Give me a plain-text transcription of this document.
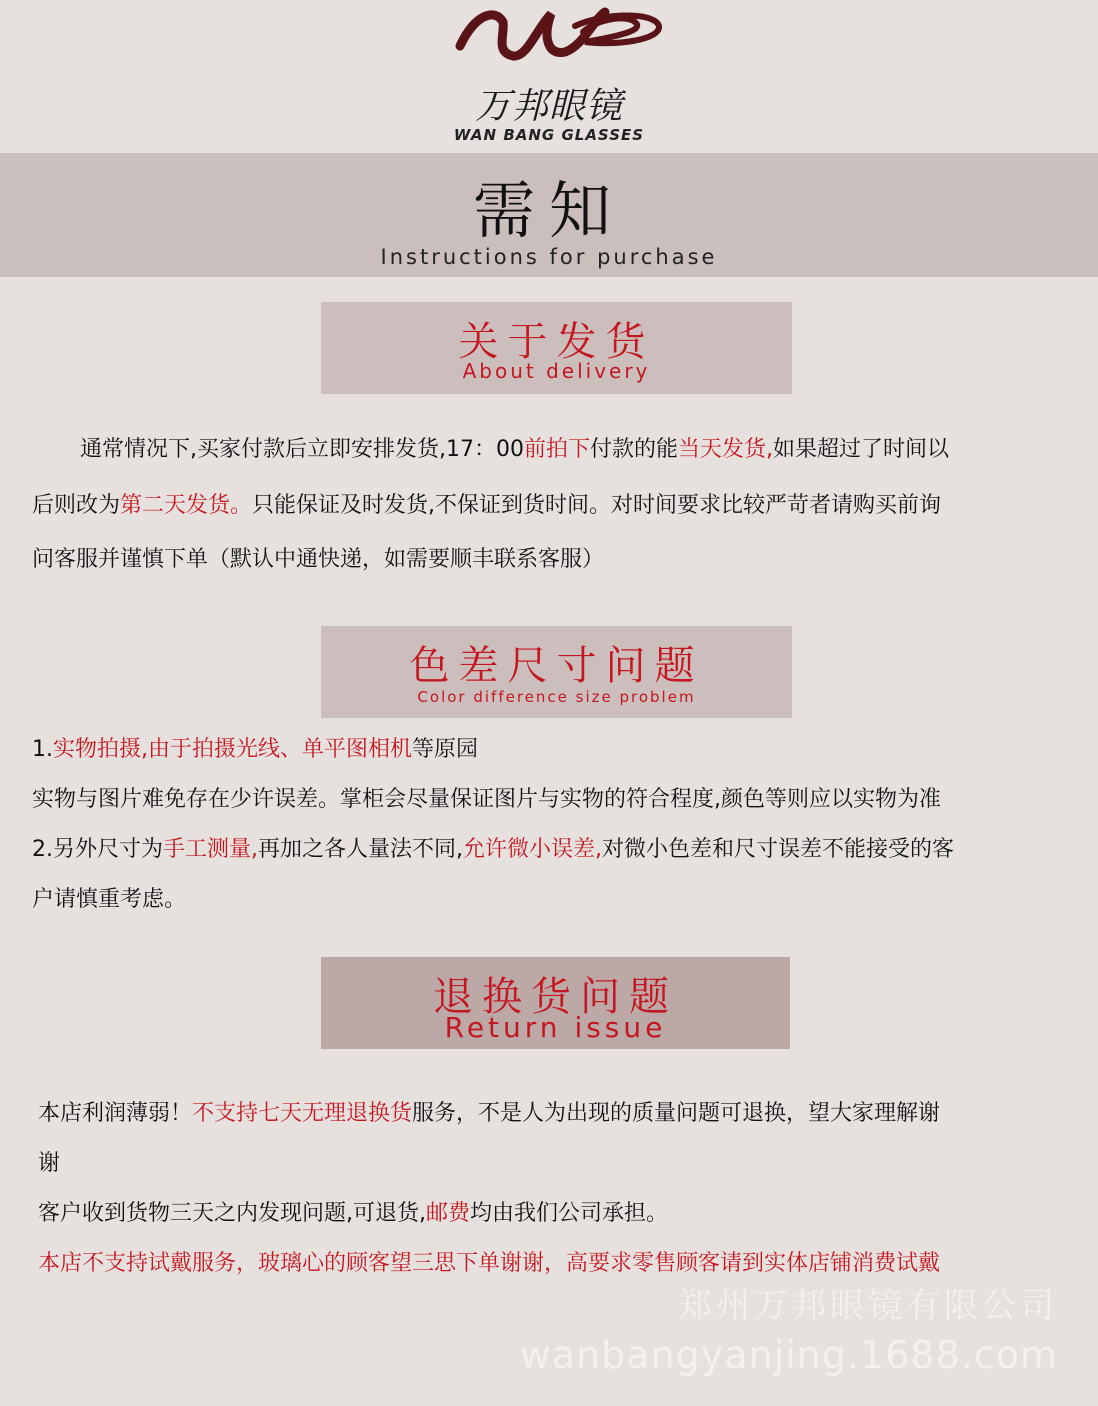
万邦眼镜
WAN BANG GLASSES
需知
Instructions for purchase
关于发货
About delivery
通常情况下,买家付款后立即安排发货,17：00前拍下付款的能当天发货,如果超过了时间以
后则改为第二天发货。只能保证及时发货,不保证到货时间。对时间要求比较严苛者请购买前询
问客服并谨慎下单（默认中通快递，如需要顺丰联系客服）
色差尺寸问题
Color difference size problem
1.实物拍摄,由于拍摄光线、单平图相机等原园
实物与图片难免存在少许误差。掌柜会尽量保证图片与实物的符合程度,颜色等则应以实物为准
2.另外尺寸为手工测量,再加之各人量法不同,允许微小误差,对微小色差和尺寸误差不能接受的客
户请慎重考虑。
退换货问题
Return issue
本店利润薄弱！不支持七天无理退换货服务，不是人为出现的质量问题可退换，望大家理解谢
谢
客户收到货物三天之内发现问题,可退货,邮费均由我们公司承担。
本店不支持试戴服务，玻璃心的顾客望三思下单谢谢，高要求零售顾客请到实体店铺消费试戴
郑州万邦眼镜有限公司
wanbangyanjing.1688.com
